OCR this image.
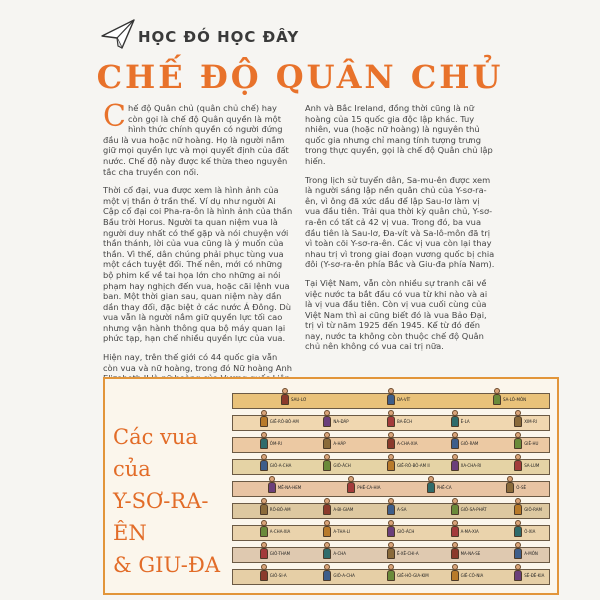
HỌC ĐÓ HỌC ĐÂY
CHẾ ĐỘ QUÂN CHỦ

Chế độ Quân chủ (quân chủ chế) hay còn gọi là chế độ Quân quyền là một hình thức chính quyền có người đứng đầu là vua hoặc nữ hoàng. Họ là người nắm giữ mọi quyền lực và mọi quyết định của đất nước. Chế độ này được kế thừa theo nguyên tắc cha truyền con nối.

Thời cổ đại, vua được xem là hình ảnh của một vị thần ở trần thế. Ví dụ như người Ai Cập cổ đại coi Pha-ra-ôn là hình ảnh của thần Bầu trời Horus. Người ta quan niệm vua là người duy nhất có thể gặp và nói chuyện với thần thánh, lời của vua cũng là ý muốn của thần. Vì thế, dân chúng phải phục tùng vua một cách tuyệt đối. Thế nên, mới có những bộ phim kể về tai họa lớn cho những ai nói phạm hay nghịch đến vua, hoặc cãi lệnh vua ban. Một thời gian sau, quan niệm này dần dần thay đổi, đặc biệt ở các nước Á Đông. Dù vua vẫn là người nắm giữ quyền lực tối cao nhưng vận hành thông qua bộ máy quan lại phức tạp, hạn chế nhiều quyền lực của vua.

Hiện nay, trên thế giới có 44 quốc gia vẫn còn vua và nữ hoàng, trong đó Nữ hoàng Anh

Anh và Bắc Ireland, đồng thời cũng là nữ hoàng của 15 quốc gia độc lập khác. Tuy nhiên, vua (hoặc nữ hoàng) là nguyên thủ quốc gia nhưng chỉ mang tính tượng trưng trong thực quyền, gọi là chế độ Quân chủ lập hiến.

Trong lịch sử tuyển dân, Sa-mu-ên được xem là người sáng lập nền quân chủ của Y-sơ-ra-ên, vì ông đã xức dầu để lập Sau-lơ làm vị vua đầu tiên. Trải qua thời kỳ quân chủ, Y-sơ-ra-ên có tất cả 42 vị vua. Trong đó, ba vua đầu tiên là Sau-lơ, Đa-vít và Sa-lô-môn đã trị vì toàn cõi Y-sơ-ra-ên. Các vị vua còn lại thay nhau trị vì trong giai đoạn vương quốc bị chia đôi (Y-sơ-ra-ên phía Bắc và Giu-đa phía Nam).

Tại Việt Nam, vẫn còn nhiều sự tranh cãi về việc nước ta bắt đầu có vua từ khi nào và ai là vị vua đầu tiên. Còn vị vua cuối cùng của Việt Nam thì ai cũng biết đó là vua Bảo Đại, trị vì từ năm 1925 đến 1945. Kể từ đó đến nay, nước ta không còn thuộc chế độ Quân chủ nên không có vua cai trị nữa.

Các vua của
Y-SƠ-RA-ÊN
& GIU-ĐA
SAU-LƠ	ĐA-VÍT	SA-LÔ-MÔN
GIÊ-RÔ-BÔ-AM	NA-ĐÁP	BA-ÊCH	Ê-LA	XIM-RI
ÔM-RI	A-HÁP	A-CHA-XIA	GIÔ-RAM	GIÊ-HU
GIÔ-A-CHA	GIÔ-ÁCH	GIÊ-RÔ-BÔ-AM II	XA-CHA-RI	SA-LUM
MÊ-NA-HEM	PHÊ-CA-HIA	PHÊ-CA	Ô-SÊ
RÔ-BÔ-AM	A-BI-GIAM	A-SA	GIÔ-SA-PHÁT	GIÔ-RAM
A-CHA-XIA	A-THA-LI	GIÔ-ÁCH	A-MA-XIA	Ô-XIA
GIÔ-THAM	A-CHA	Ê-XÊ-CHI-A	MA-NA-SE	A-MÔN
GIÔ-SI-A	GIÔ-A-CHA	GIÊ-HÔ-GIA-KIM	GIÊ-CÔ-NIA	SÊ-ĐÊ-KIA
